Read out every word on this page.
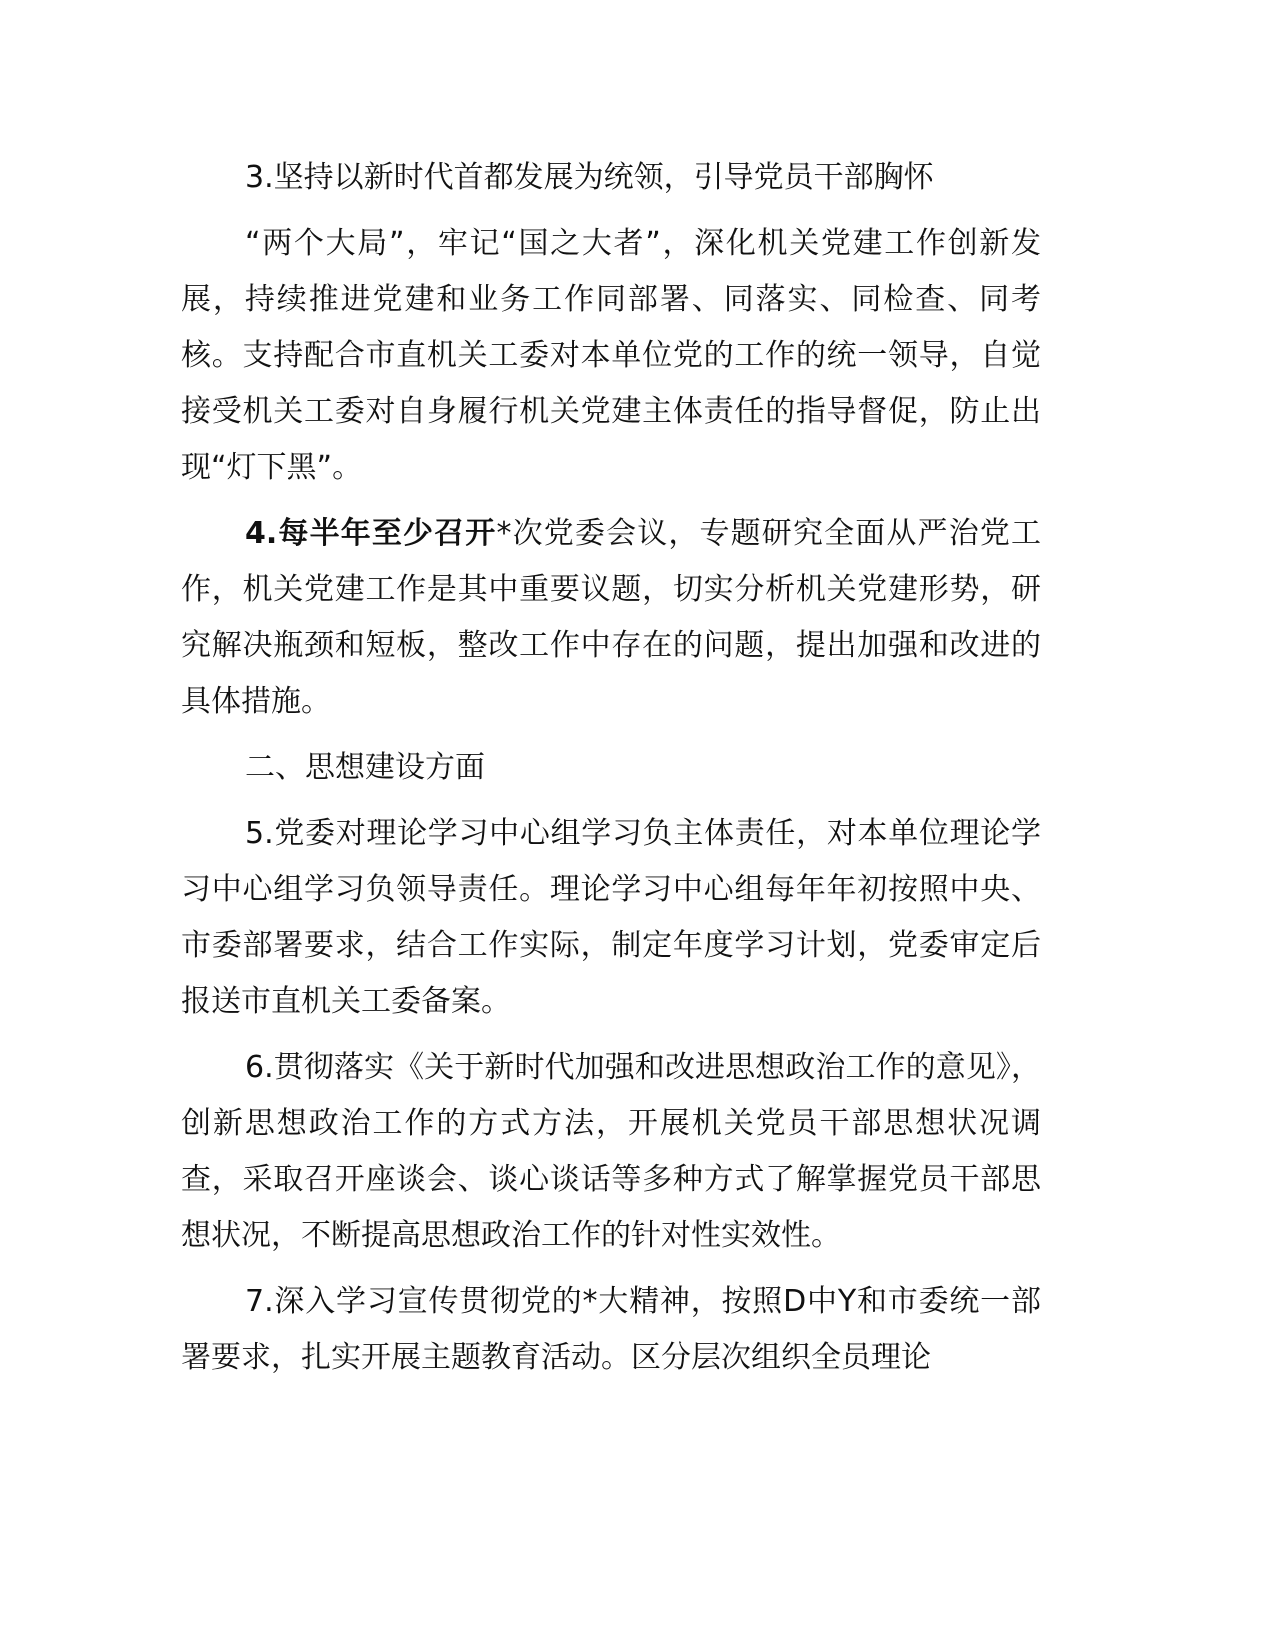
3.坚持以新时代首都发展为统领，引导党员干部胸怀

“两个大局”，牢记“国之大者”，深化机关党建工作创新发展，持续推进党建和业务工作同部署、同落实、同检查、同考核。支持配合市直机关工委对本单位党的工作的统一领导，自觉接受机关工委对自身履行机关党建主体责任的指导督促，防止出现“灯下黑”。

4.每半年至少召开*次党委会议，专题研究全面从严治党工作，机关党建工作是其中重要议题，切实分析机关党建形势，研究解决瓶颈和短板，整改工作中存在的问题，提出加强和改进的具体措施。

二、思想建设方面

5.党委对理论学习中心组学习负主体责任，对本单位理论学习中心组学习负领导责任。理论学习中心组每年年初按照中央、市委部署要求，结合工作实际，制定年度学习计划，党委审定后报送市直机关工委备案。

6.贯彻落实《关于新时代加强和改进思想政治工作的意见》，创新思想政治工作的方式方法，开展机关党员干部思想状况调查，采取召开座谈会、谈心谈话等多种方式了解掌握党员干部思想状况，不断提高思想政治工作的针对性实效性。

7.深入学习宣传贯彻党的*大精神，按照D中Y和市委统一部署要求，扎实开展主题教育活动。区分层次组织全员理论
